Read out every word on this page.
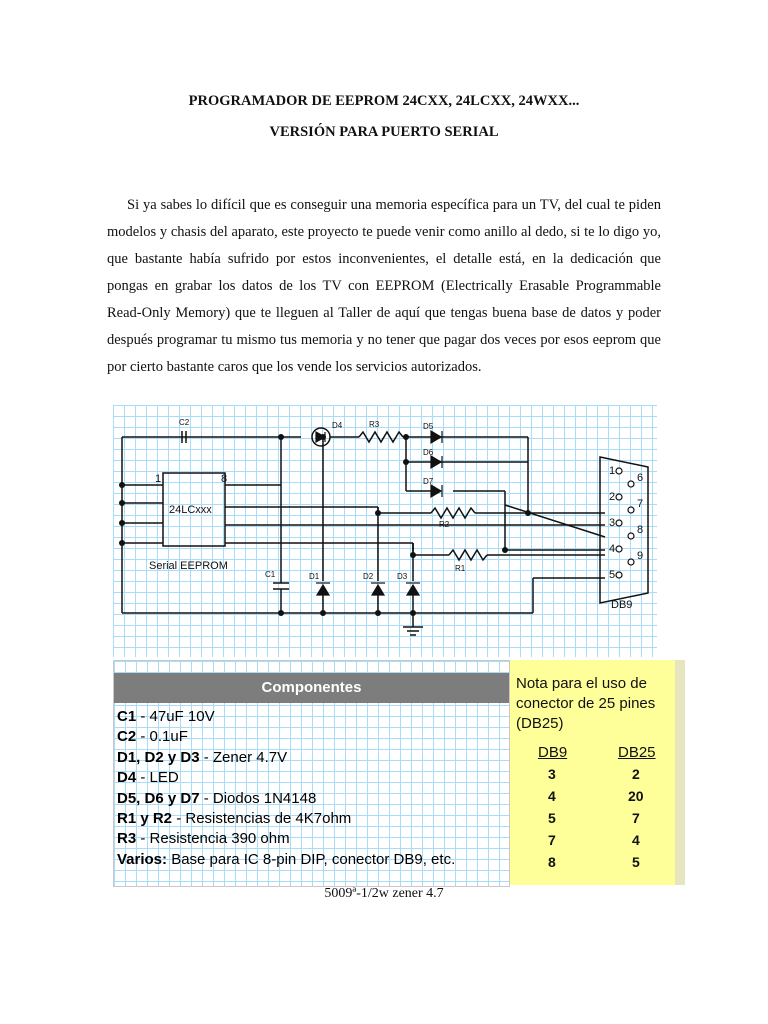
PROGRAMADOR DE EEPROM 24CXX, 24LCXX, 24WXX...
VERSIÓN PARA PUERTO SERIAL

Si ya sabes lo difícil que es conseguir una memoria específica para un TV, del cual te piden modelos y chasis del aparato, este proyecto te puede venir como anillo al dedo, si te lo digo yo, que bastante había sufrido por estos inconvenientes, el detalle está, en la dedicación que pongas en grabar los datos de los TV con EEPROM (Electrically Erasable Programmable Read-Only Memory) que te lleguen al Taller de aquí que tengas buena base de datos y poder después programar tu mismo tus memoria y no tener que pagar dos veces por esos eeprom que por cierto bastante caros que los vende los servicios autorizados.

24LCxxx
Serial EEPROM
1	8
C2
C1	D1	D2	D3
D4	D5
D6
D7
R1
R2
R3
DB9
1
2
3
4
5
6
7
8
9
Componentes
C1 - 47uF 10V
C2 - 0.1uF
D1, D2 y D3 - Zener 4.7V
D4 - LED
D5, D6 y D7 - Diodos 1N4148
R1 y R2 - Resistencias de 4K7ohm
R3 - Resistencia 390 ohm
Varios: Base para IC 8-pin DIP, conector DB9, etc.
Nota para el uso de conector de 25 pines (DB25)
DB9	DB25
3	2
4	20
5	7
7	4
8	5
5009ª-1/2w zener 4.7
